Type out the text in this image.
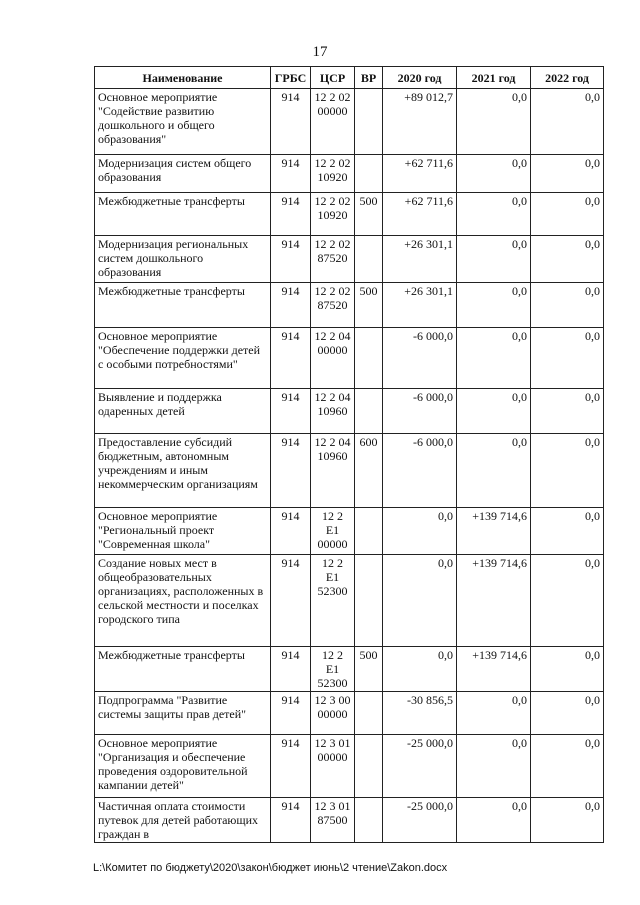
17
Наименование	ГРБС	ЦСР	ВР	2020 год	2021 год	2022 год
Основное мероприятие "Содействие развитию дошкольного и общего образования"	914	12 2 02 00000		+89 012,7	0,0	0,0
Модернизация систем общего образования	914	12 2 02 10920		+62 711,6	0,0	0,0
Межбюджетные трансферты	914	12 2 02 10920	500	+62 711,6	0,0	0,0
Модернизация региональных систем дошкольного образования	914	12 2 02 87520		+26 301,1	0,0	0,0
Межбюджетные трансферты	914	12 2 02 87520	500	+26 301,1	0,0	0,0
Основное мероприятие "Обеспечение поддержки детей с особыми потребностями"	914	12 2 04 00000		-6 000,0	0,0	0,0
Выявление и поддержка одаренных детей	914	12 2 04 10960		-6 000,0	0,0	0,0
Предоставление субсидий бюджетным, автономным учреждениям и иным некоммерческим организациям	914	12 2 04 10960	600	-6 000,0	0,0	0,0
Основное мероприятие "Региональный проект "Современная школа"	914	12 2 E1 00000		0,0	+139 714,6	0,0
Создание новых мест в общеобразовательных организациях, расположенных в сельской местности и поселках городского типа	914	12 2 E1 52300		0,0	+139 714,6	0,0
Межбюджетные трансферты	914	12 2 E1 52300	500	0,0	+139 714,6	0,0
Подпрограмма "Развитие системы защиты прав детей"	914	12 3 00 00000		-30 856,5	0,0	0,0
Основное мероприятие "Организация и обеспечение проведения оздоровительной кампании детей"	914	12 3 01 00000		-25 000,0	0,0	0,0
Частичная оплата стоимости путевок для детей работающих граждан в	914	12 3 01 87500		-25 000,0	0,0	0,0
L:\Комитет по бюджету\2020\закон\бюджет июнь\2 чтение\Zakon.docx
